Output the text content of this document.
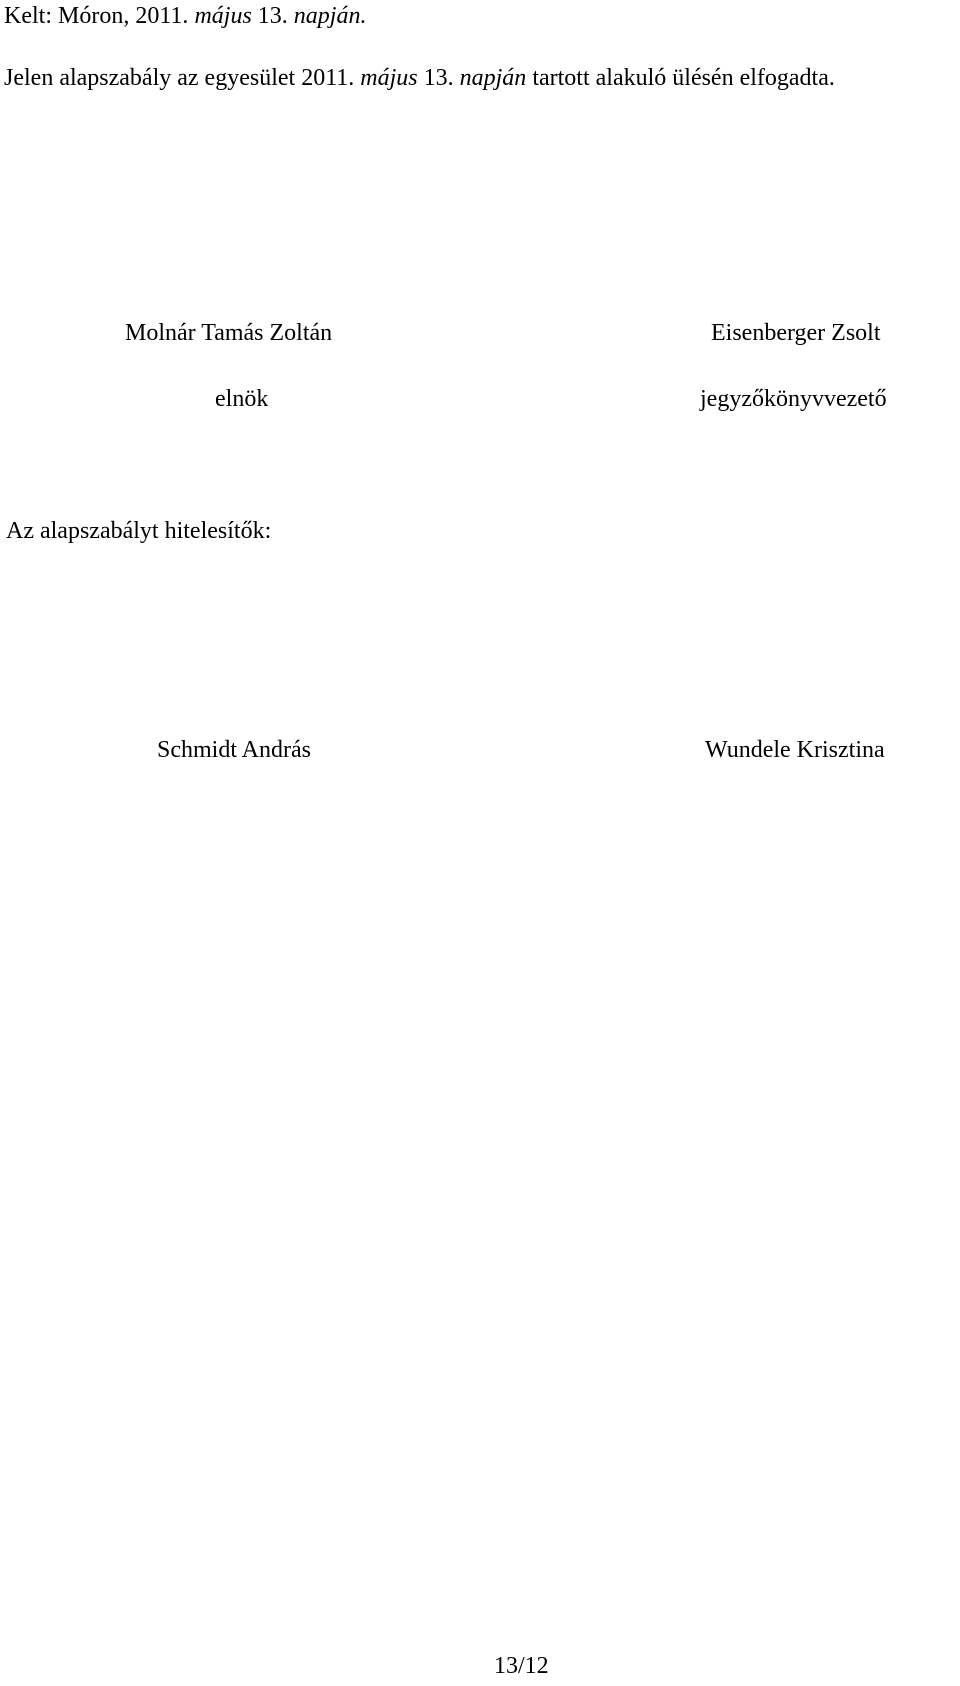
Kelt: Móron, 2011. május 13. napján.
Jelen alapszabály az egyesület 2011. május 13. napján tartott alakuló ülésén elfogadta.
Molnár Tamás Zoltán
elnök
Eisenberger Zsolt
jegyzőkönyvvezető
Az alapszabályt hitelesítők:
Schmidt András	Wundele Krisztina
13/12
